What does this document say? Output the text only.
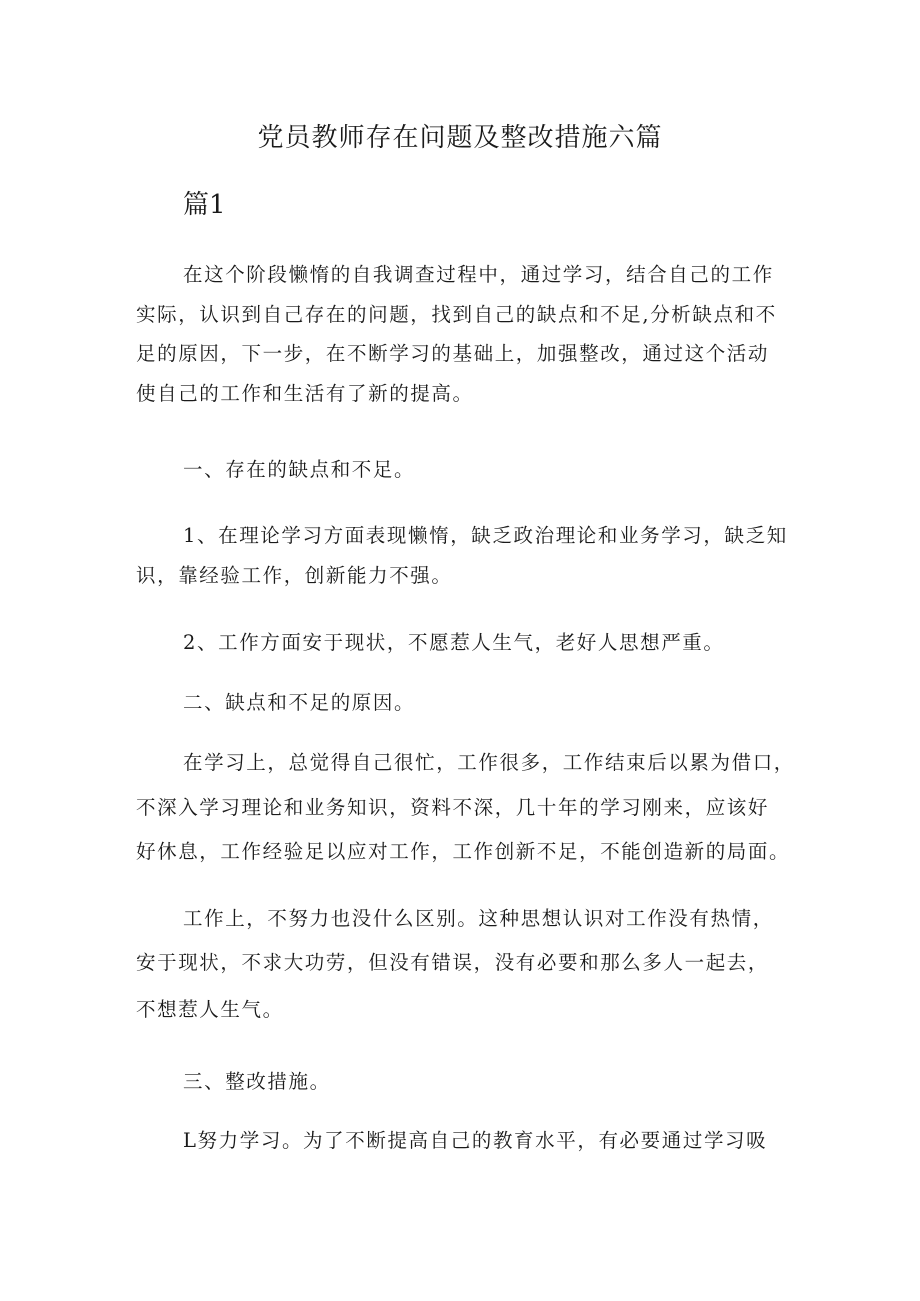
党员教师存在问题及整改措施六篇
篇1
在这个阶段懒惰的自我调查过程中，通过学习，结合自己的工作
实际，认识到自己存在的问题，找到自己的缺点和不足,分析缺点和不
足的原因，下一步，在不断学习的基础上，加强整改，通过这个活动
使自己的工作和生活有了新的提高。
一、存在的缺点和不足。
1、在理论学习方面表现懒惰，缺乏政治理论和业务学习，缺乏知
识，靠经验工作，创新能力不强。
2、工作方面安于现状，不愿惹人生气，老好人思想严重。
二、缺点和不足的原因。
在学习上，总觉得自己很忙，工作很多，工作结束后以累为借口，
不深入学习理论和业务知识，资料不深，几十年的学习刚来，应该好
好休息，工作经验足以应对工作，工作创新不足，不能创造新的局面。
工作上，不努力也没什么区别。这种思想认识对工作没有热情，
安于现状，不求大功劳，但没有错误，没有必要和那么多人一起去，
不想惹人生气。
三、整改措施。
L努力学习。为了不断提高自己的教育水平，有必要通过学习吸
